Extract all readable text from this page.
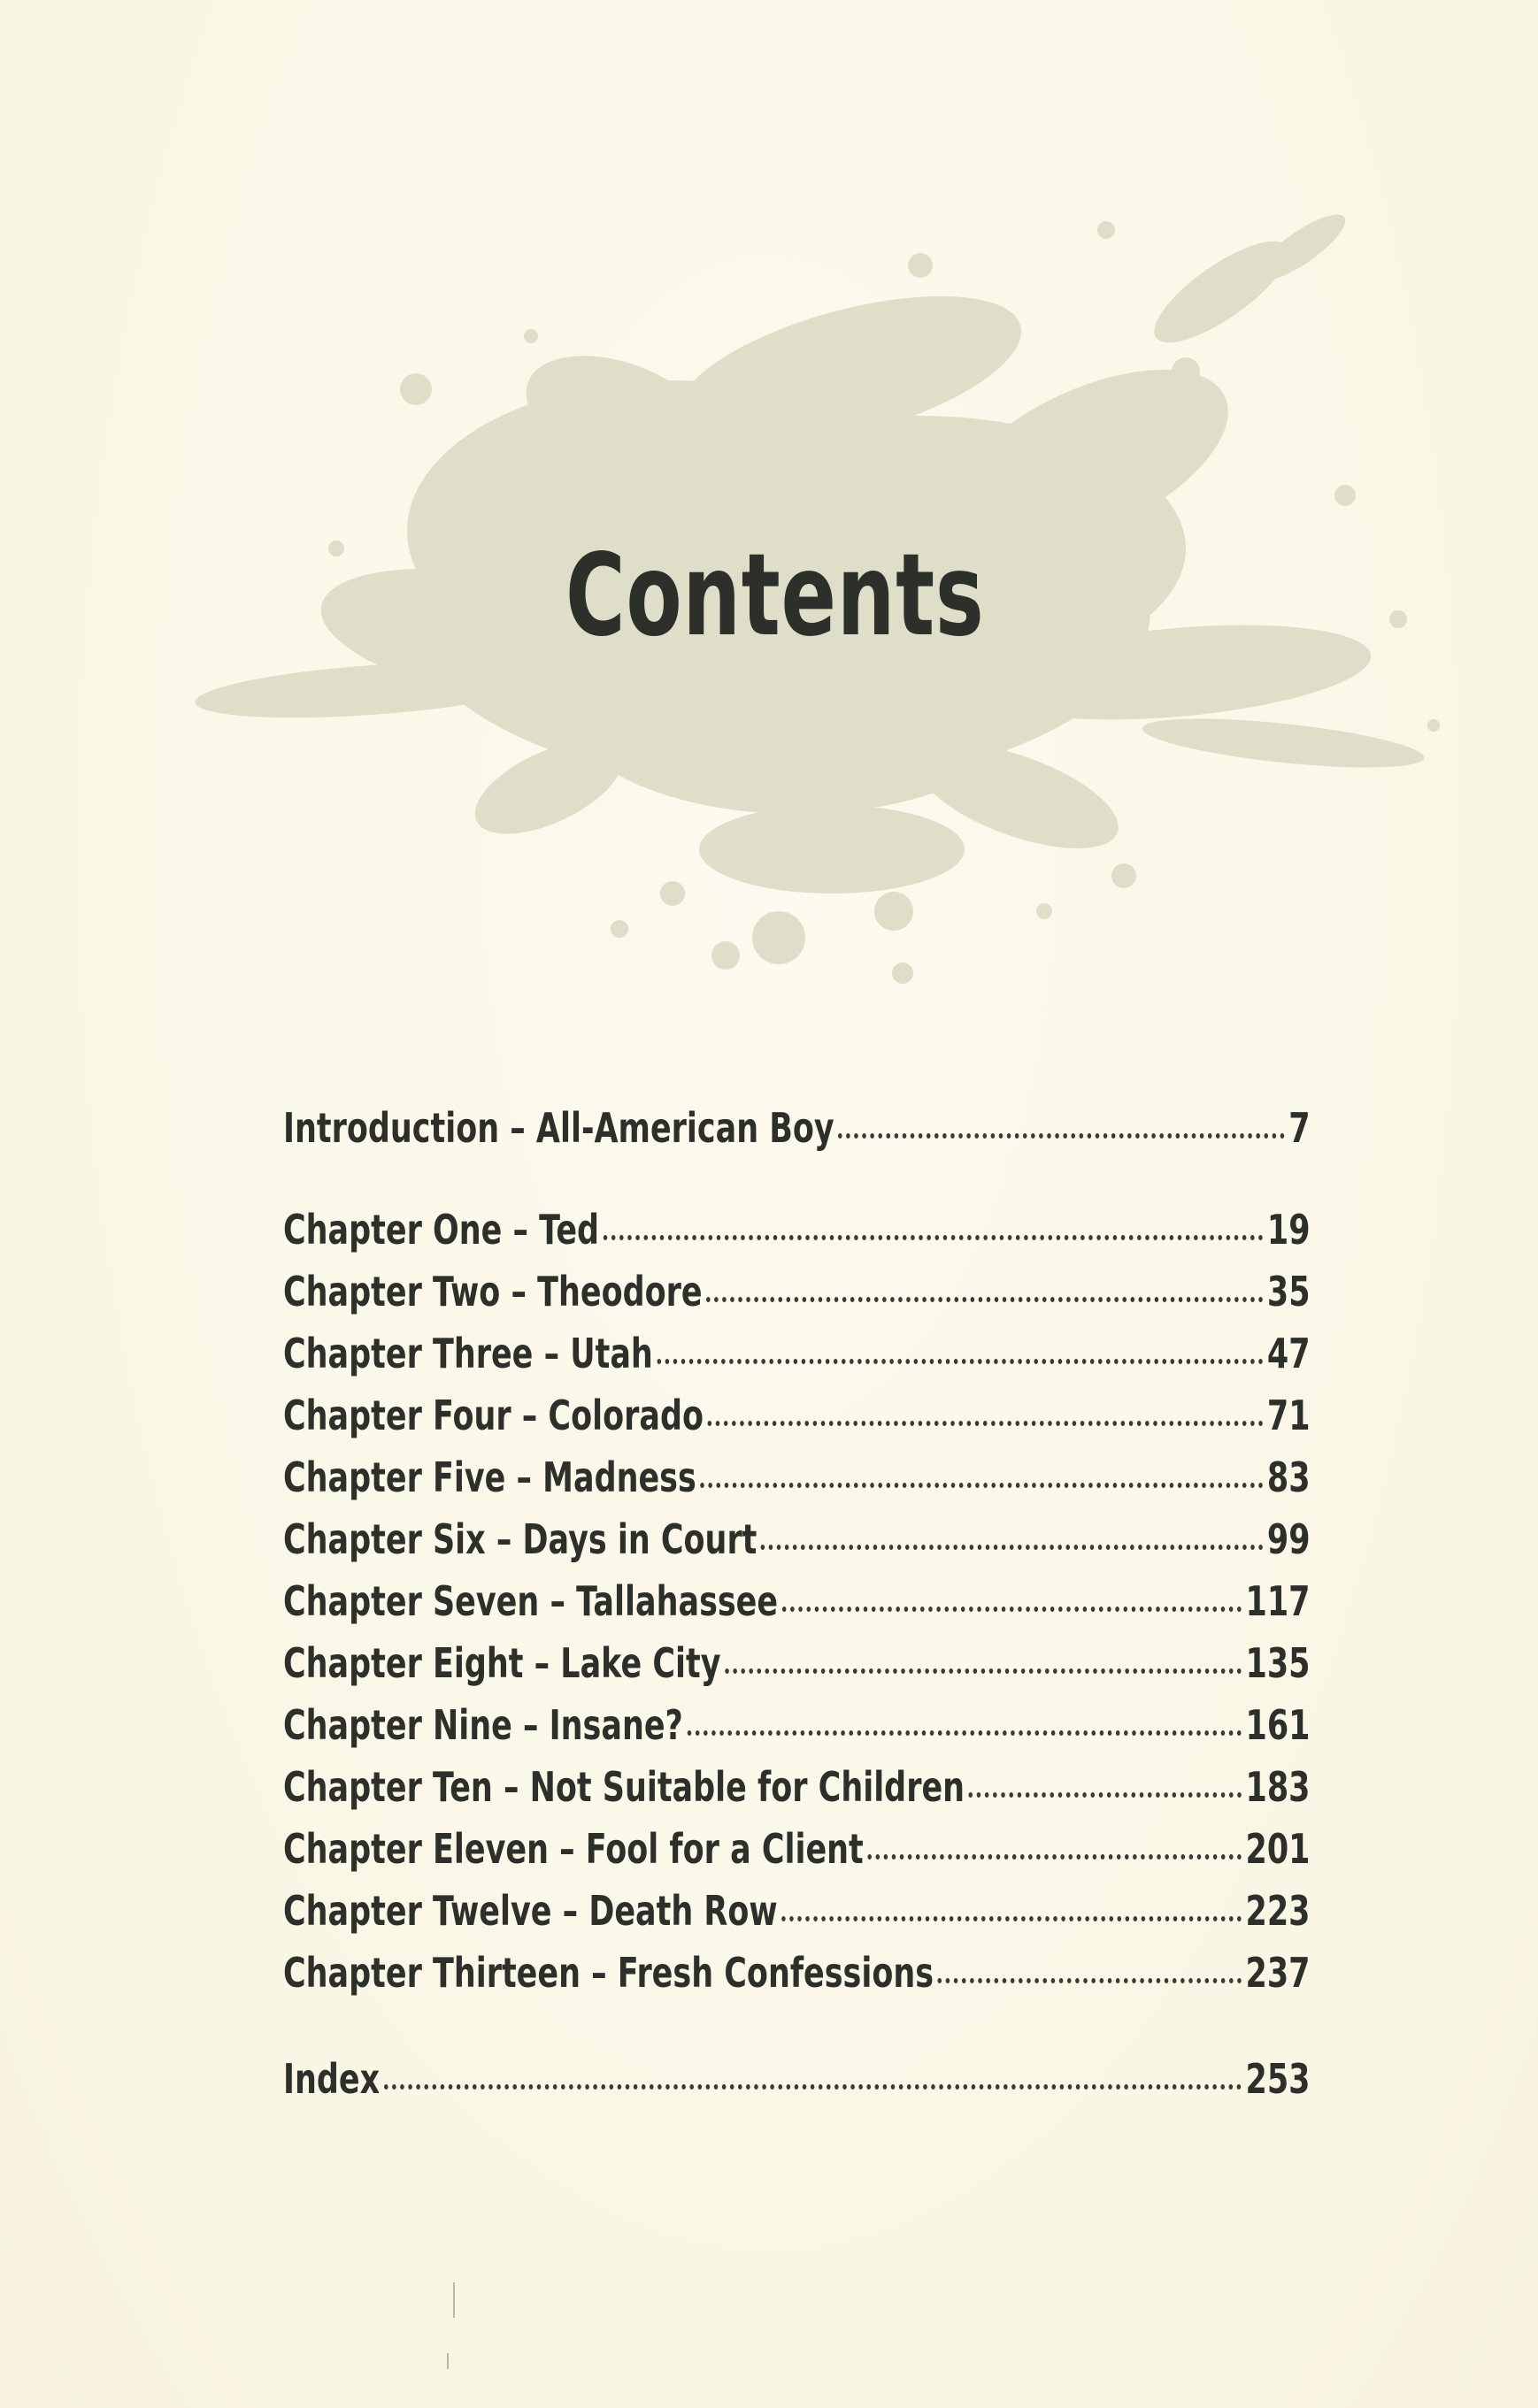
Contents
Introduction – All-American Boy	7
Chapter One – Ted	19
Chapter Two – Theodore	35
Chapter Three – Utah	47
Chapter Four – Colorado	71
Chapter Five – Madness	83
Chapter Six – Days in Court	99
Chapter Seven – Tallahassee	117
Chapter Eight – Lake City	135
Chapter Nine – Insane?	161
Chapter Ten – Not Suitable for Children	183
Chapter Eleven – Fool for a Client	201
Chapter Twelve – Death Row	223
Chapter Thirteen – Fresh Confessions	237
Index	253
